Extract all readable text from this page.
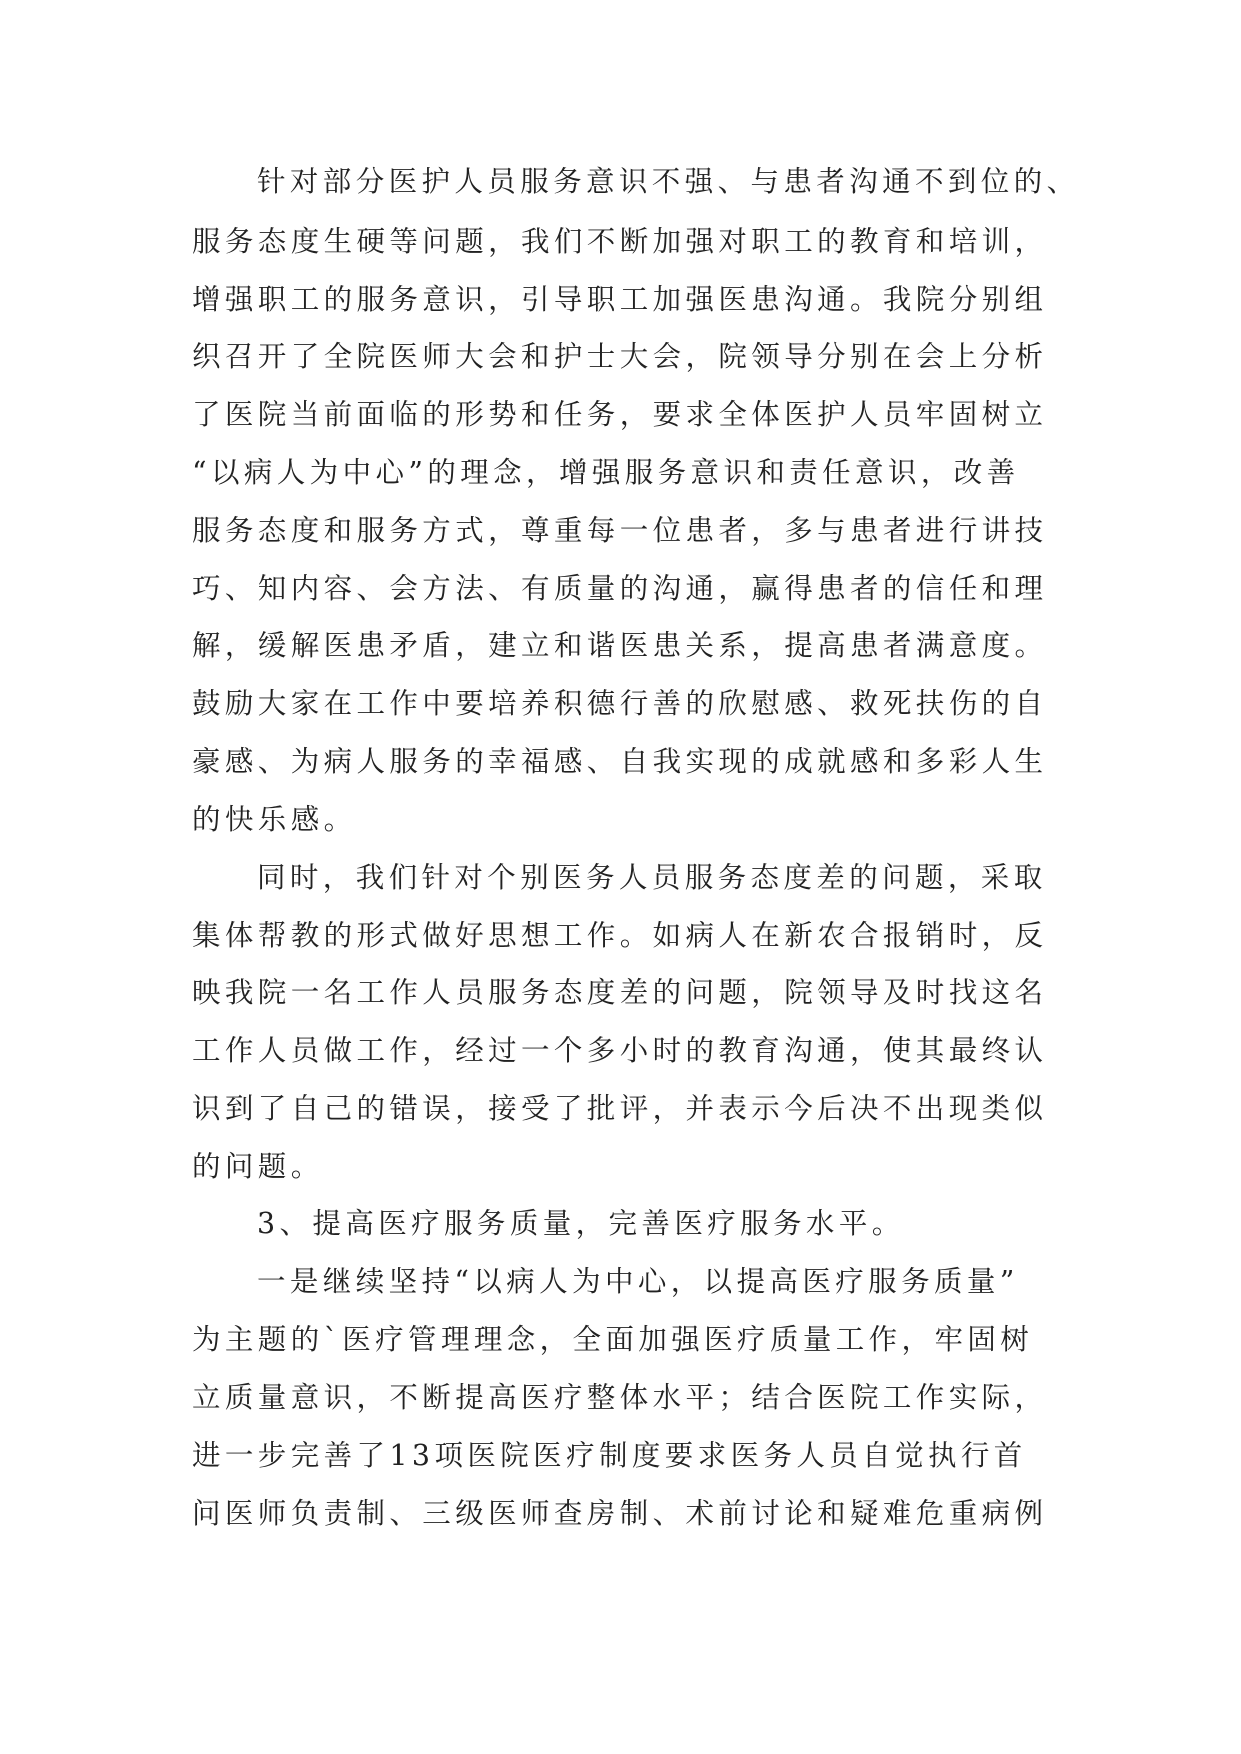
针对部分医护人员服务意识不强、与患者沟通不到位的、
服务态度生硬等问题，我们不断加强对职工的教育和培训，
增强职工的服务意识，引导职工加强医患沟通。我院分别组
织召开了全院医师大会和护士大会，院领导分别在会上分析
了医院当前面临的形势和任务，要求全体医护人员牢固树立
“以病人为中心”的理念，增强服务意识和责任意识，改善
服务态度和服务方式，尊重每一位患者，多与患者进行讲技
巧、知内容、会方法、有质量的沟通，赢得患者的信任和理
解，缓解医患矛盾，建立和谐医患关系，提高患者满意度。
鼓励大家在工作中要培养积德行善的欣慰感、救死扶伤的自
豪感、为病人服务的幸福感、自我实现的成就感和多彩人生
的快乐感。
同时，我们针对个别医务人员服务态度差的问题，采取
集体帮教的形式做好思想工作。如病人在新农合报销时，反
映我院一名工作人员服务态度差的问题，院领导及时找这名
工作人员做工作，经过一个多小时的教育沟通，使其最终认
识到了自己的错误，接受了批评，并表示今后决不出现类似
的问题。
3、提高医疗服务质量，完善医疗服务水平。
一是继续坚持“以病人为中心，以提高医疗服务质量”
为主题的`医疗管理理念，全面加强医疗质量工作，牢固树
立质量意识，不断提高医疗整体水平；结合医院工作实际，
进一步完善了13项医院医疗制度要求医务人员自觉执行首
问医师负责制、三级医师查房制、术前讨论和疑难危重病例
